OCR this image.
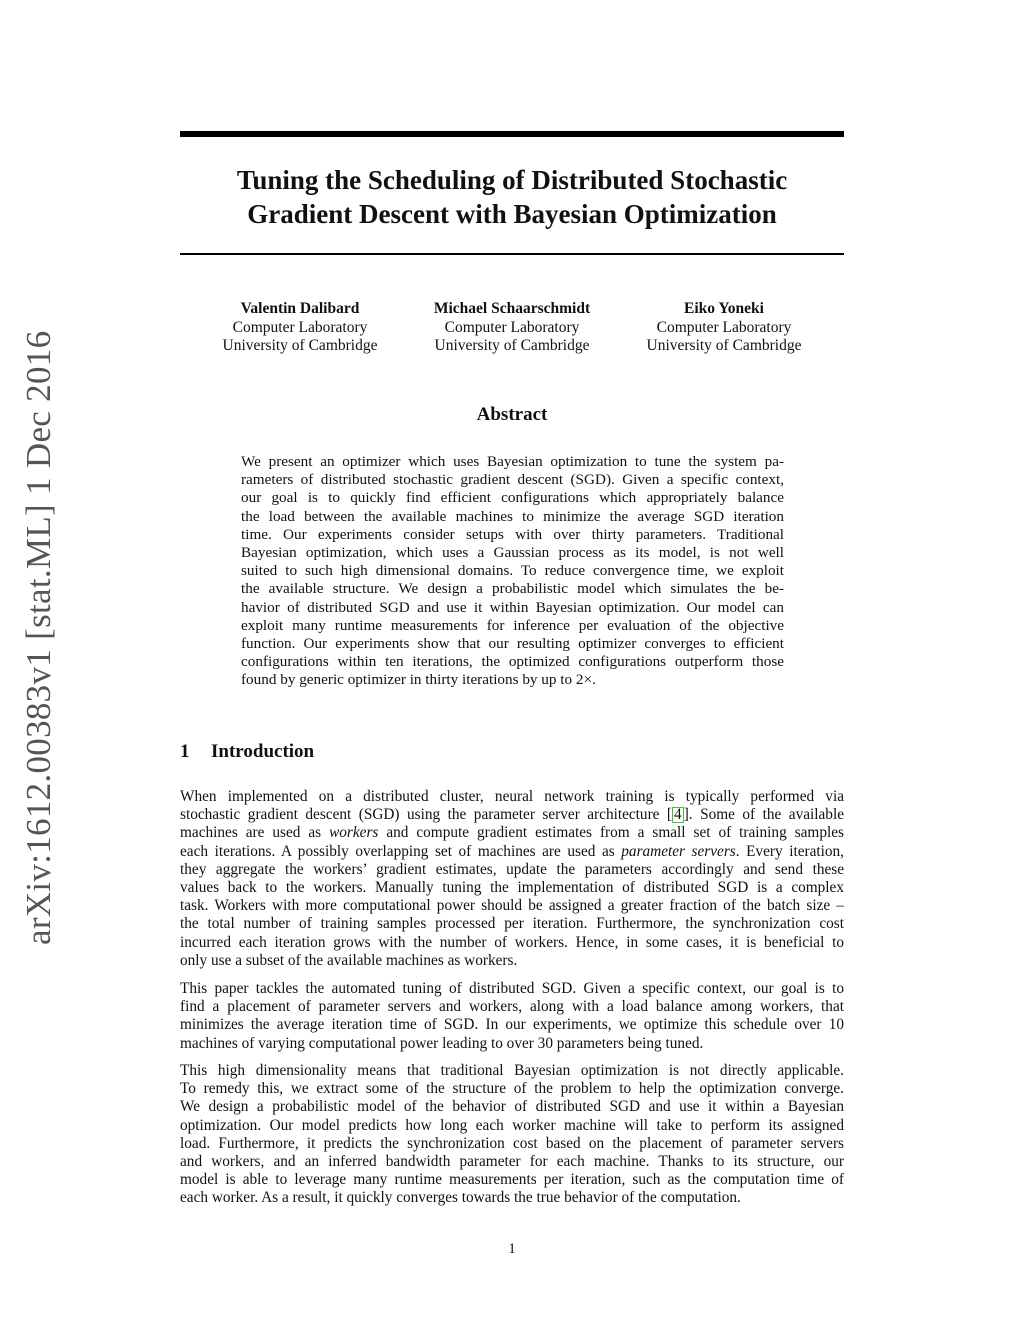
arXiv:1612.00383v1 [stat.ML] 1 Dec 2016
Tuning the Scheduling of Distributed Stochastic
Gradient Descent with Bayesian Optimization
Valentin Dalibard
Computer Laboratory
University of Cambridge
Michael Schaarschmidt
Computer Laboratory
University of Cambridge
Eiko Yoneki
Computer Laboratory
University of Cambridge
Abstract
We present an optimizer which uses Bayesian optimization to tune the system pa-
rameters of distributed stochastic gradient descent (SGD). Given a specific context,
our goal is to quickly find efficient configurations which appropriately balance
the load between the available machines to minimize the average SGD iteration
time. Our experiments consider setups with over thirty parameters. Traditional
Bayesian optimization, which uses a Gaussian process as its model, is not well
suited to such high dimensional domains. To reduce convergence time, we exploit
the available structure. We design a probabilistic model which simulates the be-
havior of distributed SGD and use it within Bayesian optimization. Our model can
exploit many runtime measurements for inference per evaluation of the objective
function. Our experiments show that our resulting optimizer converges to efficient
configurations within ten iterations, the optimized configurations outperform those
found by generic optimizer in thirty iterations by up to 2×.
1 Introduction
When implemented on a distributed cluster, neural network training is typically performed via
stochastic gradient descent (SGD) using the parameter server architecture [ 4 ]. Some of the available
machines are used as workers and compute gradient estimates from a small set of training samples
each iterations. A possibly overlapping set of machines are used as parameter servers. Every iteration,
they aggregate the workers’ gradient estimates, update the parameters accordingly and send these
values back to the workers. Manually tuning the implementation of distributed SGD is a complex
task. Workers with more computational power should be assigned a greater fraction of the batch size –
the total number of training samples processed per iteration. Furthermore, the synchronization cost
incurred each iteration grows with the number of workers. Hence, in some cases, it is beneficial to
only use a subset of the available machines as workers.
This paper tackles the automated tuning of distributed SGD. Given a specific context, our goal is to
find a placement of parameter servers and workers, along with a load balance among workers, that
minimizes the average iteration time of SGD. In our experiments, we optimize this schedule over 10
machines of varying computational power leading to over 30 parameters being tuned.
This high dimensionality means that traditional Bayesian optimization is not directly applicable.
To remedy this, we extract some of the structure of the problem to help the optimization converge.
We design a probabilistic model of the behavior of distributed SGD and use it within a Bayesian
optimization. Our model predicts how long each worker machine will take to perform its assigned
load. Furthermore, it predicts the synchronization cost based on the placement of parameter servers
and workers, and an inferred bandwidth parameter for each machine. Thanks to its structure, our
model is able to leverage many runtime measurements per iteration, such as the computation time of
each worker. As a result, it quickly converges towards the true behavior of the computation.
1
